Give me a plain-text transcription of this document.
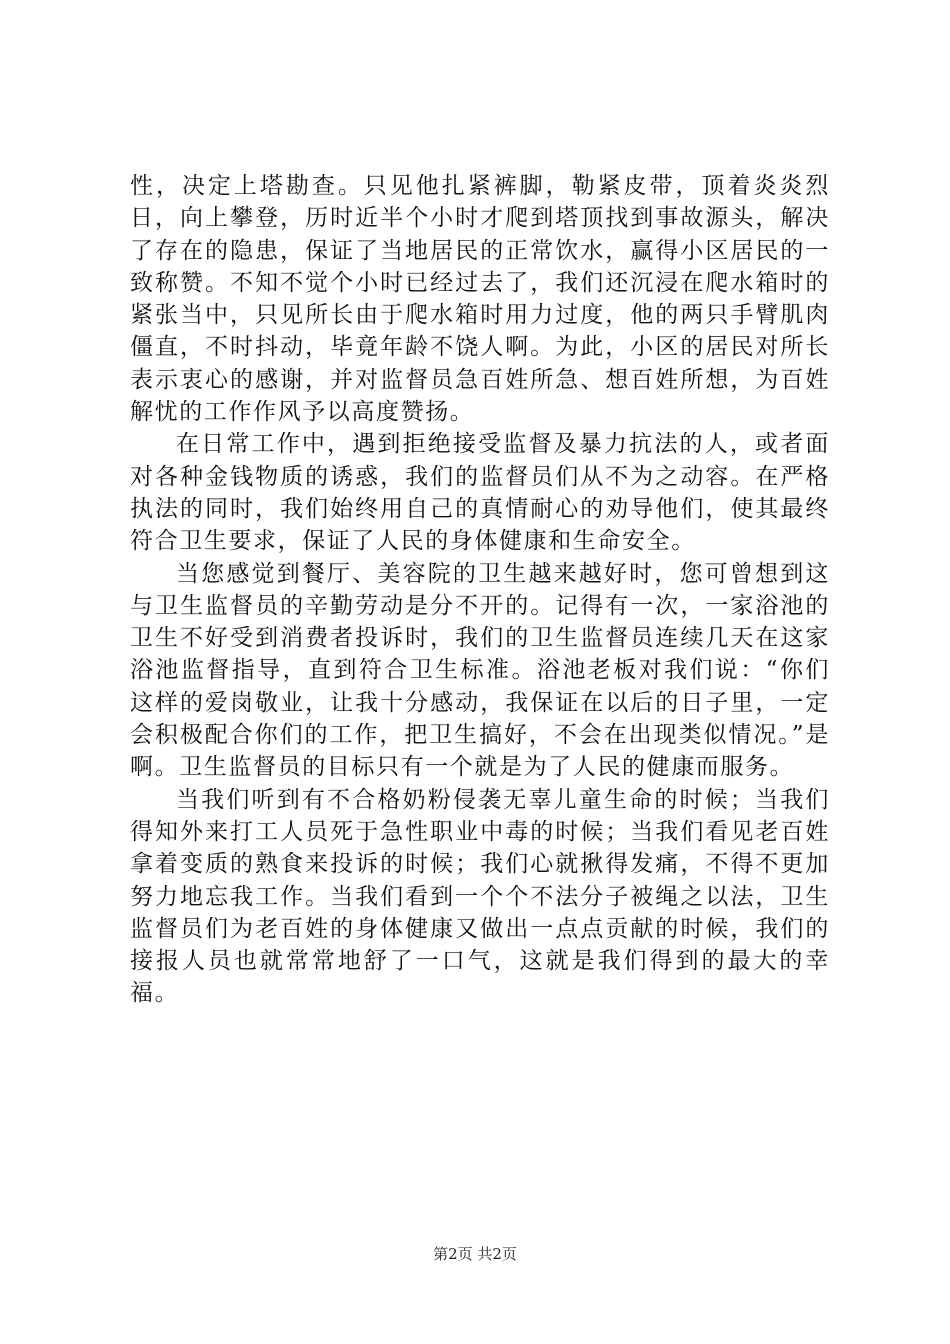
性，决定上塔勘查。只见他扎紧裤脚，勒紧皮带，顶着炎炎烈日，向上攀登，历时近半个小时才爬到塔顶找到事故源头，解决了存在的隐患，保证了当地居民的正常饮水，赢得小区居民的一致称赞。不知不觉个小时已经过去了，我们还沉浸在爬水箱时的紧张当中，只见所长由于爬水箱时用力过度，他的两只手臂肌肉僵直，不时抖动，毕竟年龄不饶人啊。为此，小区的居民对所长表示衷心的感谢，并对监督员急百姓所急、想百姓所想，为百姓解忧的工作作风予以高度赞扬。

在日常工作中，遇到拒绝接受监督及暴力抗法的人，或者面对各种金钱物质的诱惑，我们的监督员们从不为之动容。在严格执法的同时，我们始终用自己的真情耐心的劝导他们，使其最终符合卫生要求，保证了人民的身体健康和生命安全。

当您感觉到餐厅、美容院的卫生越来越好时，您可曾想到这与卫生监督员的辛勤劳动是分不开的。记得有一次，一家浴池的卫生不好受到消费者投诉时，我们的卫生监督员连续几天在这家浴池监督指导，直到符合卫生标准。浴池老板对我们说：“你们这样的爱岗敬业，让我十分感动，我保证在以后的日子里，一定会积极配合你们的工作，把卫生搞好，不会在出现类似情况。”是啊。卫生监督员的目标只有一个就是为了人民的健康而服务。

当我们听到有不合格奶粉侵袭无辜儿童生命的时候；当我们得知外来打工人员死于急性职业中毒的时候；当我们看见老百姓拿着变质的熟食来投诉的时候；我们心就揪得发痛，不得不更加努力地忘我工作。当我们看到一个个不法分子被绳之以法，卫生监督员们为老百姓的身体健康又做出一点点贡献的时候，我们的接报人员也就常常地舒了一口气，这就是我们得到的最大的幸福。

第2页 共2页
